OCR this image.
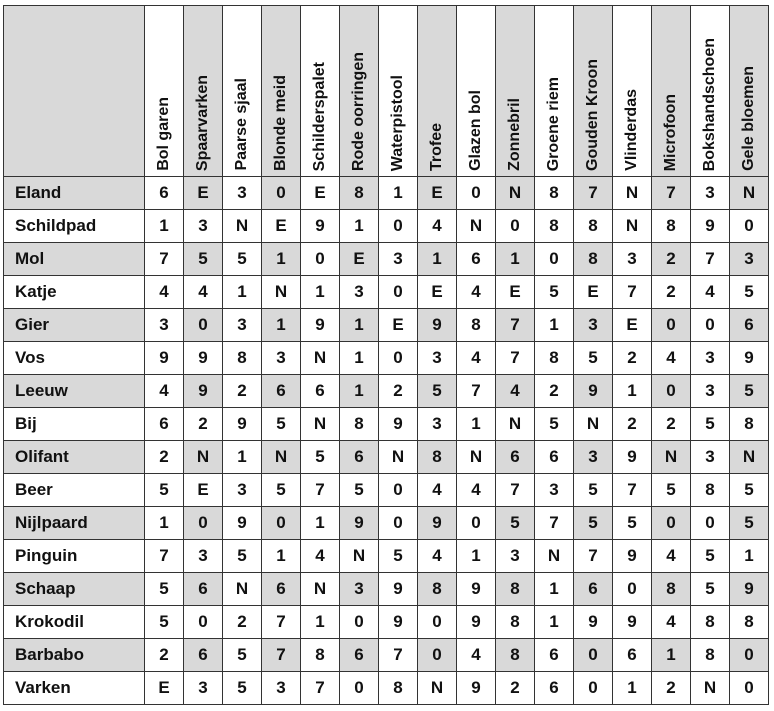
	Bol garen	Spaarvarken	Paarse sjaal	Blonde meid	Schilderspalet	Rode oorringen	Waterpistool	Trofee	Glazen bol	Zonnebril	Groene riem	Gouden Kroon	Vlinderdas	Microfoon	Bokshandschoen	Gele bloemen
Eland	6	E	3	0	E	8	1	E	0	N	8	7	N	7	3	N
Schildpad	1	3	N	E	9	1	0	4	N	0	8	8	N	8	9	0
Mol	7	5	5	1	0	E	3	1	6	1	0	8	3	2	7	3
Katje	4	4	1	N	1	3	0	E	4	E	5	E	7	2	4	5
Gier	3	0	3	1	9	1	E	9	8	7	1	3	E	0	0	6
Vos	9	9	8	3	N	1	0	3	4	7	8	5	2	4	3	9
Leeuw	4	9	2	6	6	1	2	5	7	4	2	9	1	0	3	5
Bij	6	2	9	5	N	8	9	3	1	N	5	N	2	2	5	8
Olifant	2	N	1	N	5	6	N	8	N	6	6	3	9	N	3	N
Beer	5	E	3	5	7	5	0	4	4	7	3	5	7	5	8	5
Nijlpaard	1	0	9	0	1	9	0	9	0	5	7	5	5	0	0	5
Pinguin	7	3	5	1	4	N	5	4	1	3	N	7	9	4	5	1
Schaap	5	6	N	6	N	3	9	8	9	8	1	6	0	8	5	9
Krokodil	5	0	2	7	1	0	9	0	9	8	1	9	9	4	8	8
Barbabo	2	6	5	7	8	6	7	0	4	8	6	0	6	1	8	0
Varken	E	3	5	3	7	0	8	N	9	2	6	0	1	2	N	0
